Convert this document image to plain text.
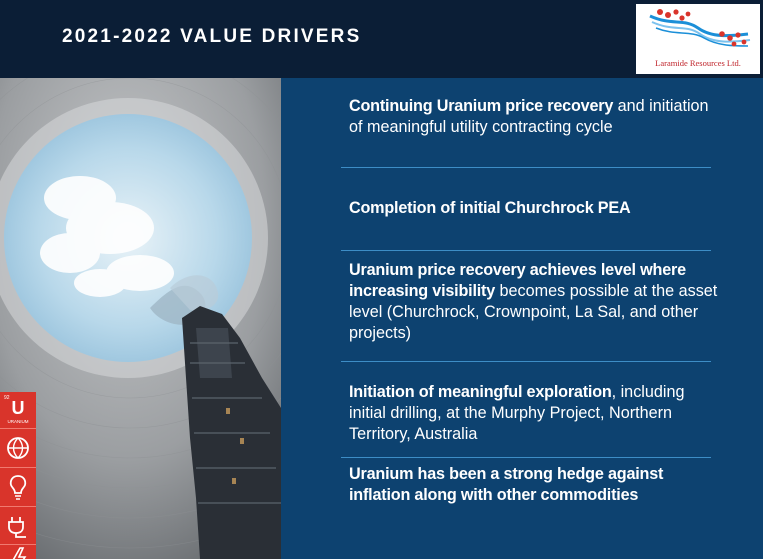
2021-2022 VALUE DRIVERS
Laramide Resources Ltd.
92 U
URANIUM
Continuing Uranium price recovery and initiation of meaningful utility contracting cycle
Completion of initial Churchrock PEA
Uranium price recovery achieves level where increasing visibility becomes possible at the asset level (Churchrock, Crownpoint, La Sal, and other projects)
Initiation of meaningful exploration, including initial drilling, at the Murphy Project, Northern Territory, Australia
Uranium has been a strong hedge against inflation along with other commodities
